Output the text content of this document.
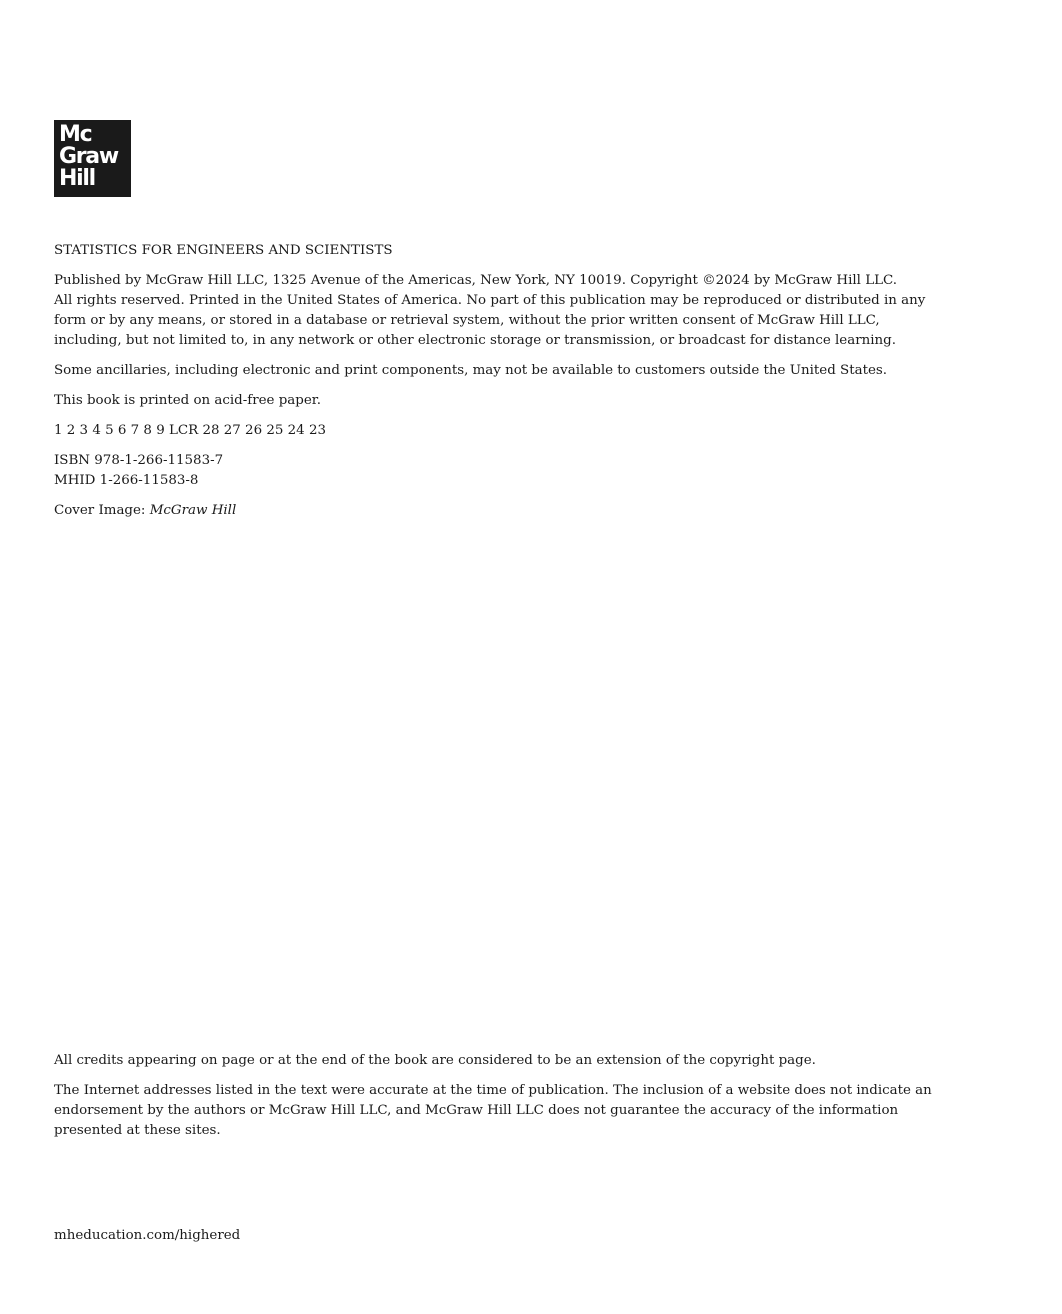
Mc
Graw
Hill

STATISTICS FOR ENGINEERS AND SCIENTISTS

Published by McGraw Hill LLC, 1325 Avenue of the Americas, New York, NY 10019. Copyright ©2024 by McGraw Hill LLC.
All rights reserved. Printed in the United States of America. No part of this publication may be reproduced or distributed in any
form or by any means, or stored in a database or retrieval system, without the prior written consent of McGraw Hill LLC,
including, but not limited to, in any network or other electronic storage or transmission, or broadcast for distance learning.

Some ancillaries, including electronic and print components, may not be available to customers outside the United States.

This book is printed on acid-free paper.

1 2 3 4 5 6 7 8 9 LCR 28 27 26 25 24 23

ISBN 978-1-266-11583-7
MHID 1-266-11583-8

Cover Image: McGraw Hill

All credits appearing on page or at the end of the book are considered to be an extension of the copyright page.

The Internet addresses listed in the text were accurate at the time of publication. The inclusion of a website does not indicate an
endorsement by the authors or McGraw Hill LLC, and McGraw Hill LLC does not guarantee the accuracy of the information
presented at these sites.

mheducation.com/highered
